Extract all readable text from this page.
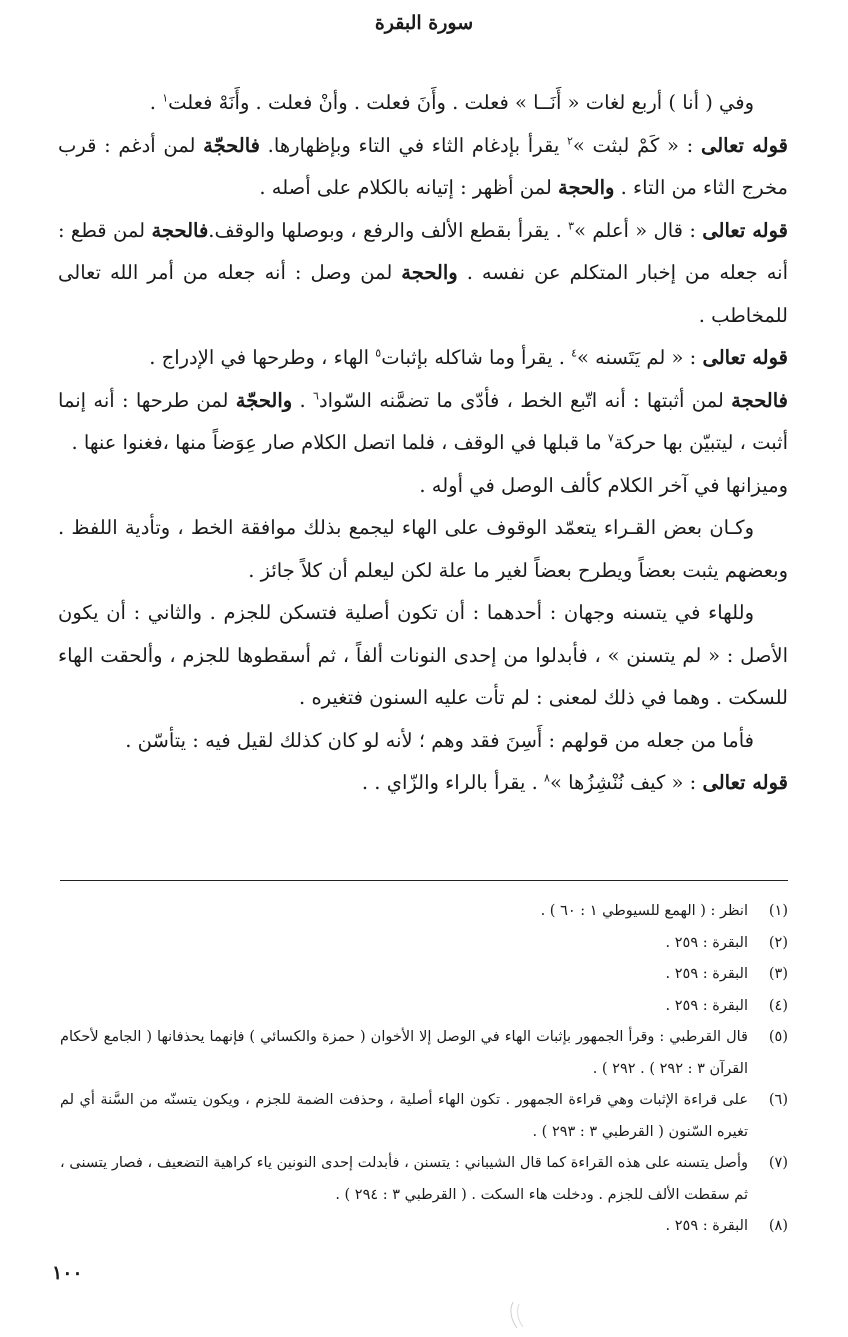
سورة البقرة

وفي ( أنا ) أربع لغات « أَنَــا » فعلت . وأَنَ فعلت . وأنْ فعلت . وأَنَهْ فعلت$^١$ .

قوله تعالى : « كَمْ لبثت »$^٢$ يقرأ بإدغام الثاء في التاء وبإظهارها. فالحجّة لمن أدغم : قرب مخرج الثاء من التاء . والحجة لمن أظهر : إتيانه بالكلام على أصله .

قوله تعالى : قال « أعلم »$^٣$ . يقرأ بقطع الألف والرفع ، وبوصلها والوقف.فالحجة لمن قطع : أنه جعله من إخبار المتكلم عن نفسه . والحجة لمن وصل : أنه جعله من أمر الله تعالى للمخاطب .

قوله تعالى : « لم يَتَسنه »$^٤$ . يقرأ وما شاكله بإثبات$^٥$ الهاء ، وطرحها في الإدراج .

فالحجة لمن أثبتها : أنه اتّبع الخط ، فأدّى ما تضمَّنه السّواد$^٦$ . والحجّة لمن طرحها : أنه إنما أثبت ، ليتبيّن بها حركة$^٧$ ما قبلها في الوقف ، فلما اتصل الكلام صار عِوَضاً منها ،فغنوا عنها .

وميزانها في آخر الكلام كألف الوصل في أوله .

وكـان بعض القـراء يتعمّد الوقوف على الهاء ليجمع بذلك موافقة الخط ، وتأدية اللفظ . وبعضهم يثبت بعضاً ويطرح بعضاً لغير ما علة لكن ليعلم أن كلاً جائز .

وللهاء في يتسنه وجهان : أحدهما : أن تكون أصلية فتسكن للجزم . والثاني : أن يكون الأصل : « لم يتسنن » ، فأبدلوا من إحدى النونات ألفاً ، ثم أسقطوها للجزم ، وألحقت الهاء للسكت . وهما في ذلك لمعنى : لم تأت عليه السنون فتغيره .

فأما من جعله من قولهم : أَسِنَ فقد وهم ؛ لأنه لو كان كذلك لقيل فيه : يتأسّن .

قوله تعالى : « كيف نُنْشِزُها »$^٨$ . يقرأ بالراء والزّاي . .

(١)
انظر : ( الهمع للسيوطي ١ : ٦٠ ) .
(٢)
البقرة : ٢٥٩ .
(٣)
البقرة : ٢٥٩ .
(٤)
البقرة : ٢٥٩ .
(٥)
قال القرطبي : وقرأ الجمهور بإثبات الهاء في الوصل إلا الأخوان ( حمزة والكسائي ) فإنهما يحذفانها ( الجامع لأحكام القرآن ٣ : ٢٩٢ ) . ٢٩٢ ) .
(٦)
على قراءة الإثبات وهي قراءة الجمهور . تكون الهاء أصلية ، وحذفت الضمة للجزم ، ويكون يتسنّه من السَّنة أي لم تغيره السّنون ( القرطبي ٣ : ٢٩٣ ) .
(٧)
وأصل يتسنه على هذه القراءة كما قال الشيباني : يتسنن ، فأبدلت إحدى النونين ياء كراهية التضعيف ، فصار يتسنى ، ثم سقطت الألف للجزم . ودخلت هاء السكت . ( القرطبي ٣ : ٢٩٤ ) .
(٨)
البقرة : ٢٥٩ .
١٠٠
